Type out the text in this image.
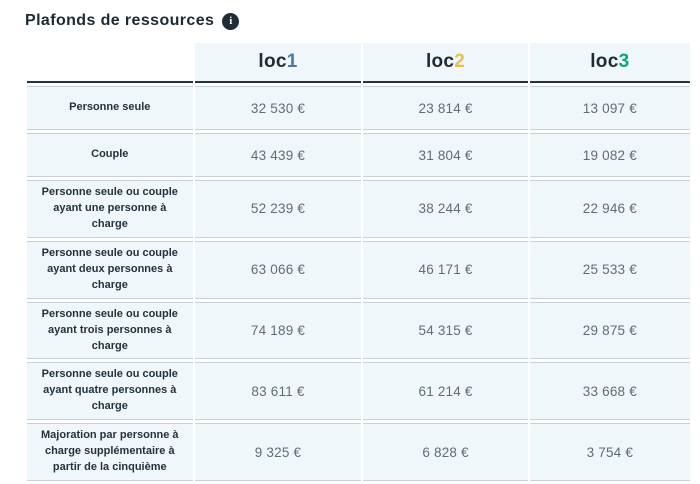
Plafonds de ressources	i
	loc1	loc2	loc3
Personne seule	32 530 €	23 814 €	13 097 €
Couple	43 439 €	31 804 €	19 082 €
Personne seule ou couple ayant une personne à charge	52 239 €	38 244 €	22 946 €
Personne seule ou couple ayant deux personnes à charge	63 066 €	46 171 €	25 533 €
Personne seule ou couple ayant trois personnes à charge	74 189 €	54 315 €	29 875 €
Personne seule ou couple ayant quatre personnes à charge	83 611 €	61 214 €	33 668 €
Majoration par personne à charge supplémentaire à partir de la cinquième	9 325 €	6 828 €	3 754 €
